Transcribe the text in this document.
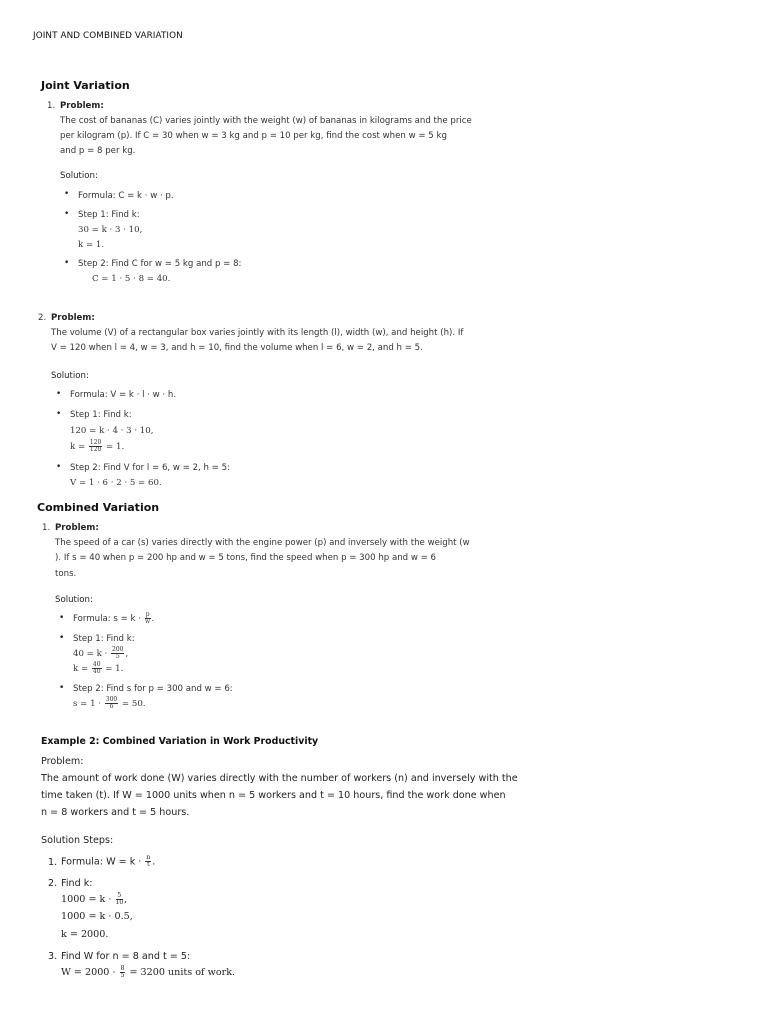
JOINT AND COMBINED VARIATION
Joint Variation
1. Problem:
The cost of bananas (C) varies jointly with the weight (w) of bananas in kilograms and the price
per kilogram (p). If C = 30 when w = 3 kg and p = 10 per kg, find the cost when w = 5 kg
and p = 8 per kg.
Solution:
• Formula: C = k · w · p.
• Step 1: Find k:
30 = k · 3 · 10,
k = 1.
• Step 2: Find C for w = 5 kg and p = 8:
C = 1 · 5 · 8 = 40.
2. Problem:
The volume (V) of a rectangular box varies jointly with its length (l), width (w), and height (h). If
V = 120 when l = 4, w = 3, and h = 10, find the volume when l = 6, w = 2, and h = 5.
Solution:
• Formula: V = k · l · w · h.
• Step 1: Find k:
120 = k · 4 · 3 · 10,
$k = \frac{120}{120} = 1$.
• Step 2: Find V for l = 6, w = 2, h = 5:
V = 1 · 6 · 2 · 5 = 60.
Combined Variation
1. Problem:
The speed of a car (s) varies directly with the engine power (p) and inversely with the weight (w
). If s = 40 when p = 200 hp and w = 5 tons, find the speed when p = 300 hp and w = 6
tons.
Solution:
• Formula: $s = k \cdot \frac{p}{w}$ .
• Step 1: Find k:
$40 = k \cdot \frac{200}{5}$ ,
$k = \frac{40}{40} = 1$.
• Step 2: Find s for p = 300 and w = 6:
$s = 1 \cdot \frac{300}{6} = 50$.
Example 2: Combined Variation in Work Productivity
Problem:
The amount of work done (W) varies directly with the number of workers (n) and inversely with the
time taken (t). If W = 1000 units when n = 5 workers and t = 10 hours, find the work done when
n = 8 workers and t = 5 hours.
Solution Steps:
1. Formula: $W = k \cdot \frac{n}{t}$ .
2. Find k:
$1000 = k \cdot \frac{5}{10}$ ,
1000 = k · 0.5,
k = 2000.
3. Find W for n = 8 and t = 5:
$W = 2000 \cdot \frac{8}{5} = 3200$ units of work.
